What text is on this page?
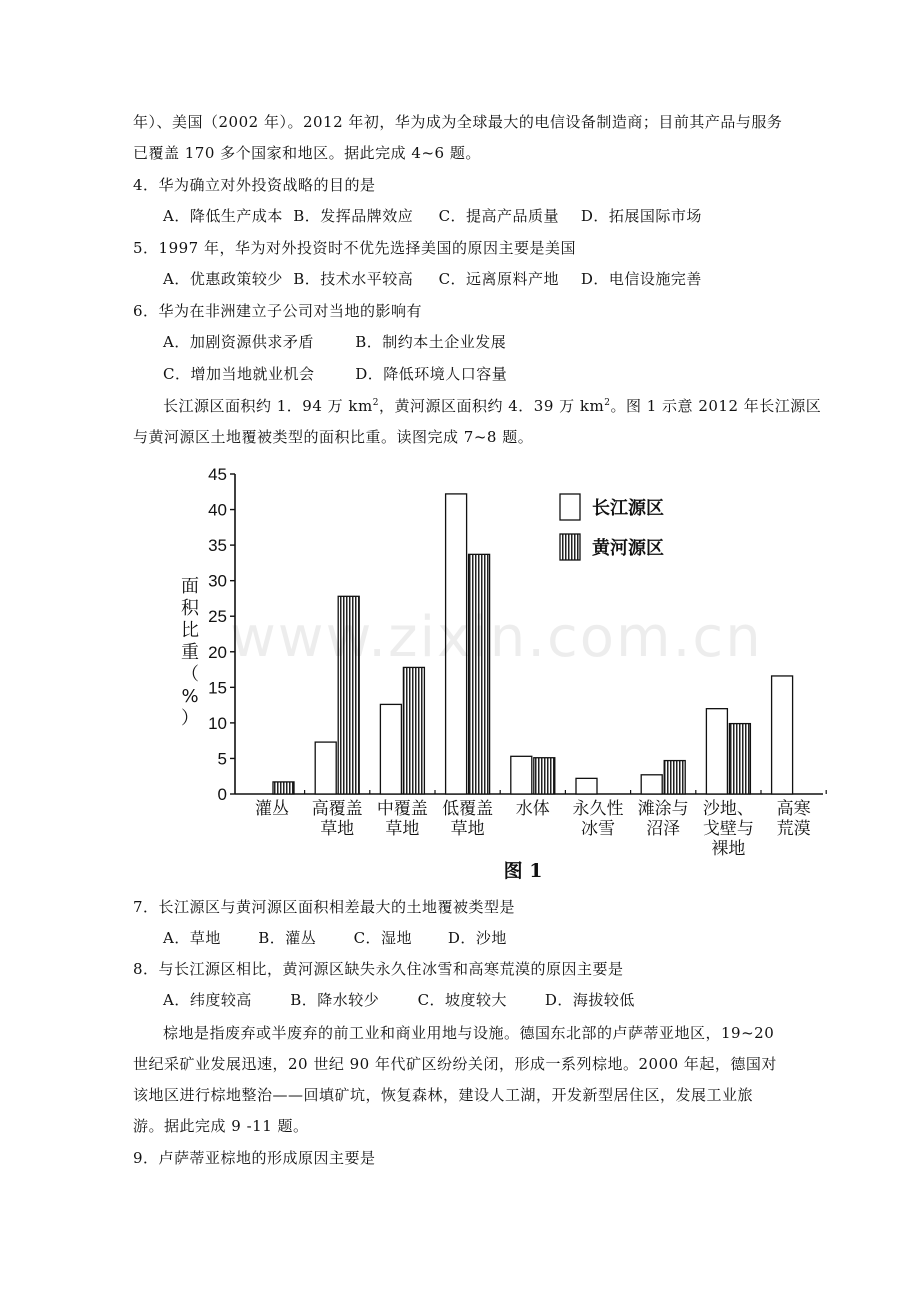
年）、美国（2002 年）。2012 年初，华为成为全球最大的电信设备制造商；目前其产品与服务
已覆盖 170 多个国家和地区。据此完成 4~6 题。
4．华为确立对外投资战略的目的是
A．降低生产成本 B．发挥品牌效应 C．提高产品质量 D．拓展国际市场
5．1997 年，华为对外投资时不优先选择美国的原因主要是美国
A．优惠政策较少 B．技术水平较高 C．远离原料产地 D．电信设施完善
6．华为在非洲建立子公司对当地的影响有
A．加剧资源供求矛盾	B．制约本土企业发展
C．增加当地就业机会	D．降低环境人口容量
长江源区面积约 1．94 万 $km^2$，黄河源区面积约 4．39 万 $km^2$。图 1 示意 2012 年长江源区
与黄河源区土地覆被类型的面积比重。读图完成 7~8 题。
0
5
10
15
20
25
30
35
40
45
灌丛 高覆盖
草地
中覆盖
草地
低覆盖
草地
水体 永久性
冰雪
滩涂与
沼泽
沙地、
戈壁与
裸地
高寒
荒漠
面
积
比
重
（
%
）
长江源区
黄河源区
图 1
www.zixin.com.cn
7．长江源区与黄河源区面积相差最大的土地覆被类型是
A．草地 B．灌丛 C．湿地 D．沙地
8．与长江源区相比，黄河源区缺失永久住冰雪和高寒荒漠的原因主要是
A．纬度较高	B．降水较少	C．坡度较大	D．海拔较低
棕地是指废弃或半废弃的前工业和商业用地与设施。德国东北部的卢萨蒂亚地区，19~20
世纪采矿业发展迅速，20 世纪 90 年代矿区纷纷关闭，形成一系列棕地。2000 年起，德国对
该地区进行棕地整治——回填矿坑，恢复森林，建设人工湖，开发新型居住区，发展工业旅
游。据此完成 9 -11 题。
9．卢萨蒂亚棕地的形成原因主要是
